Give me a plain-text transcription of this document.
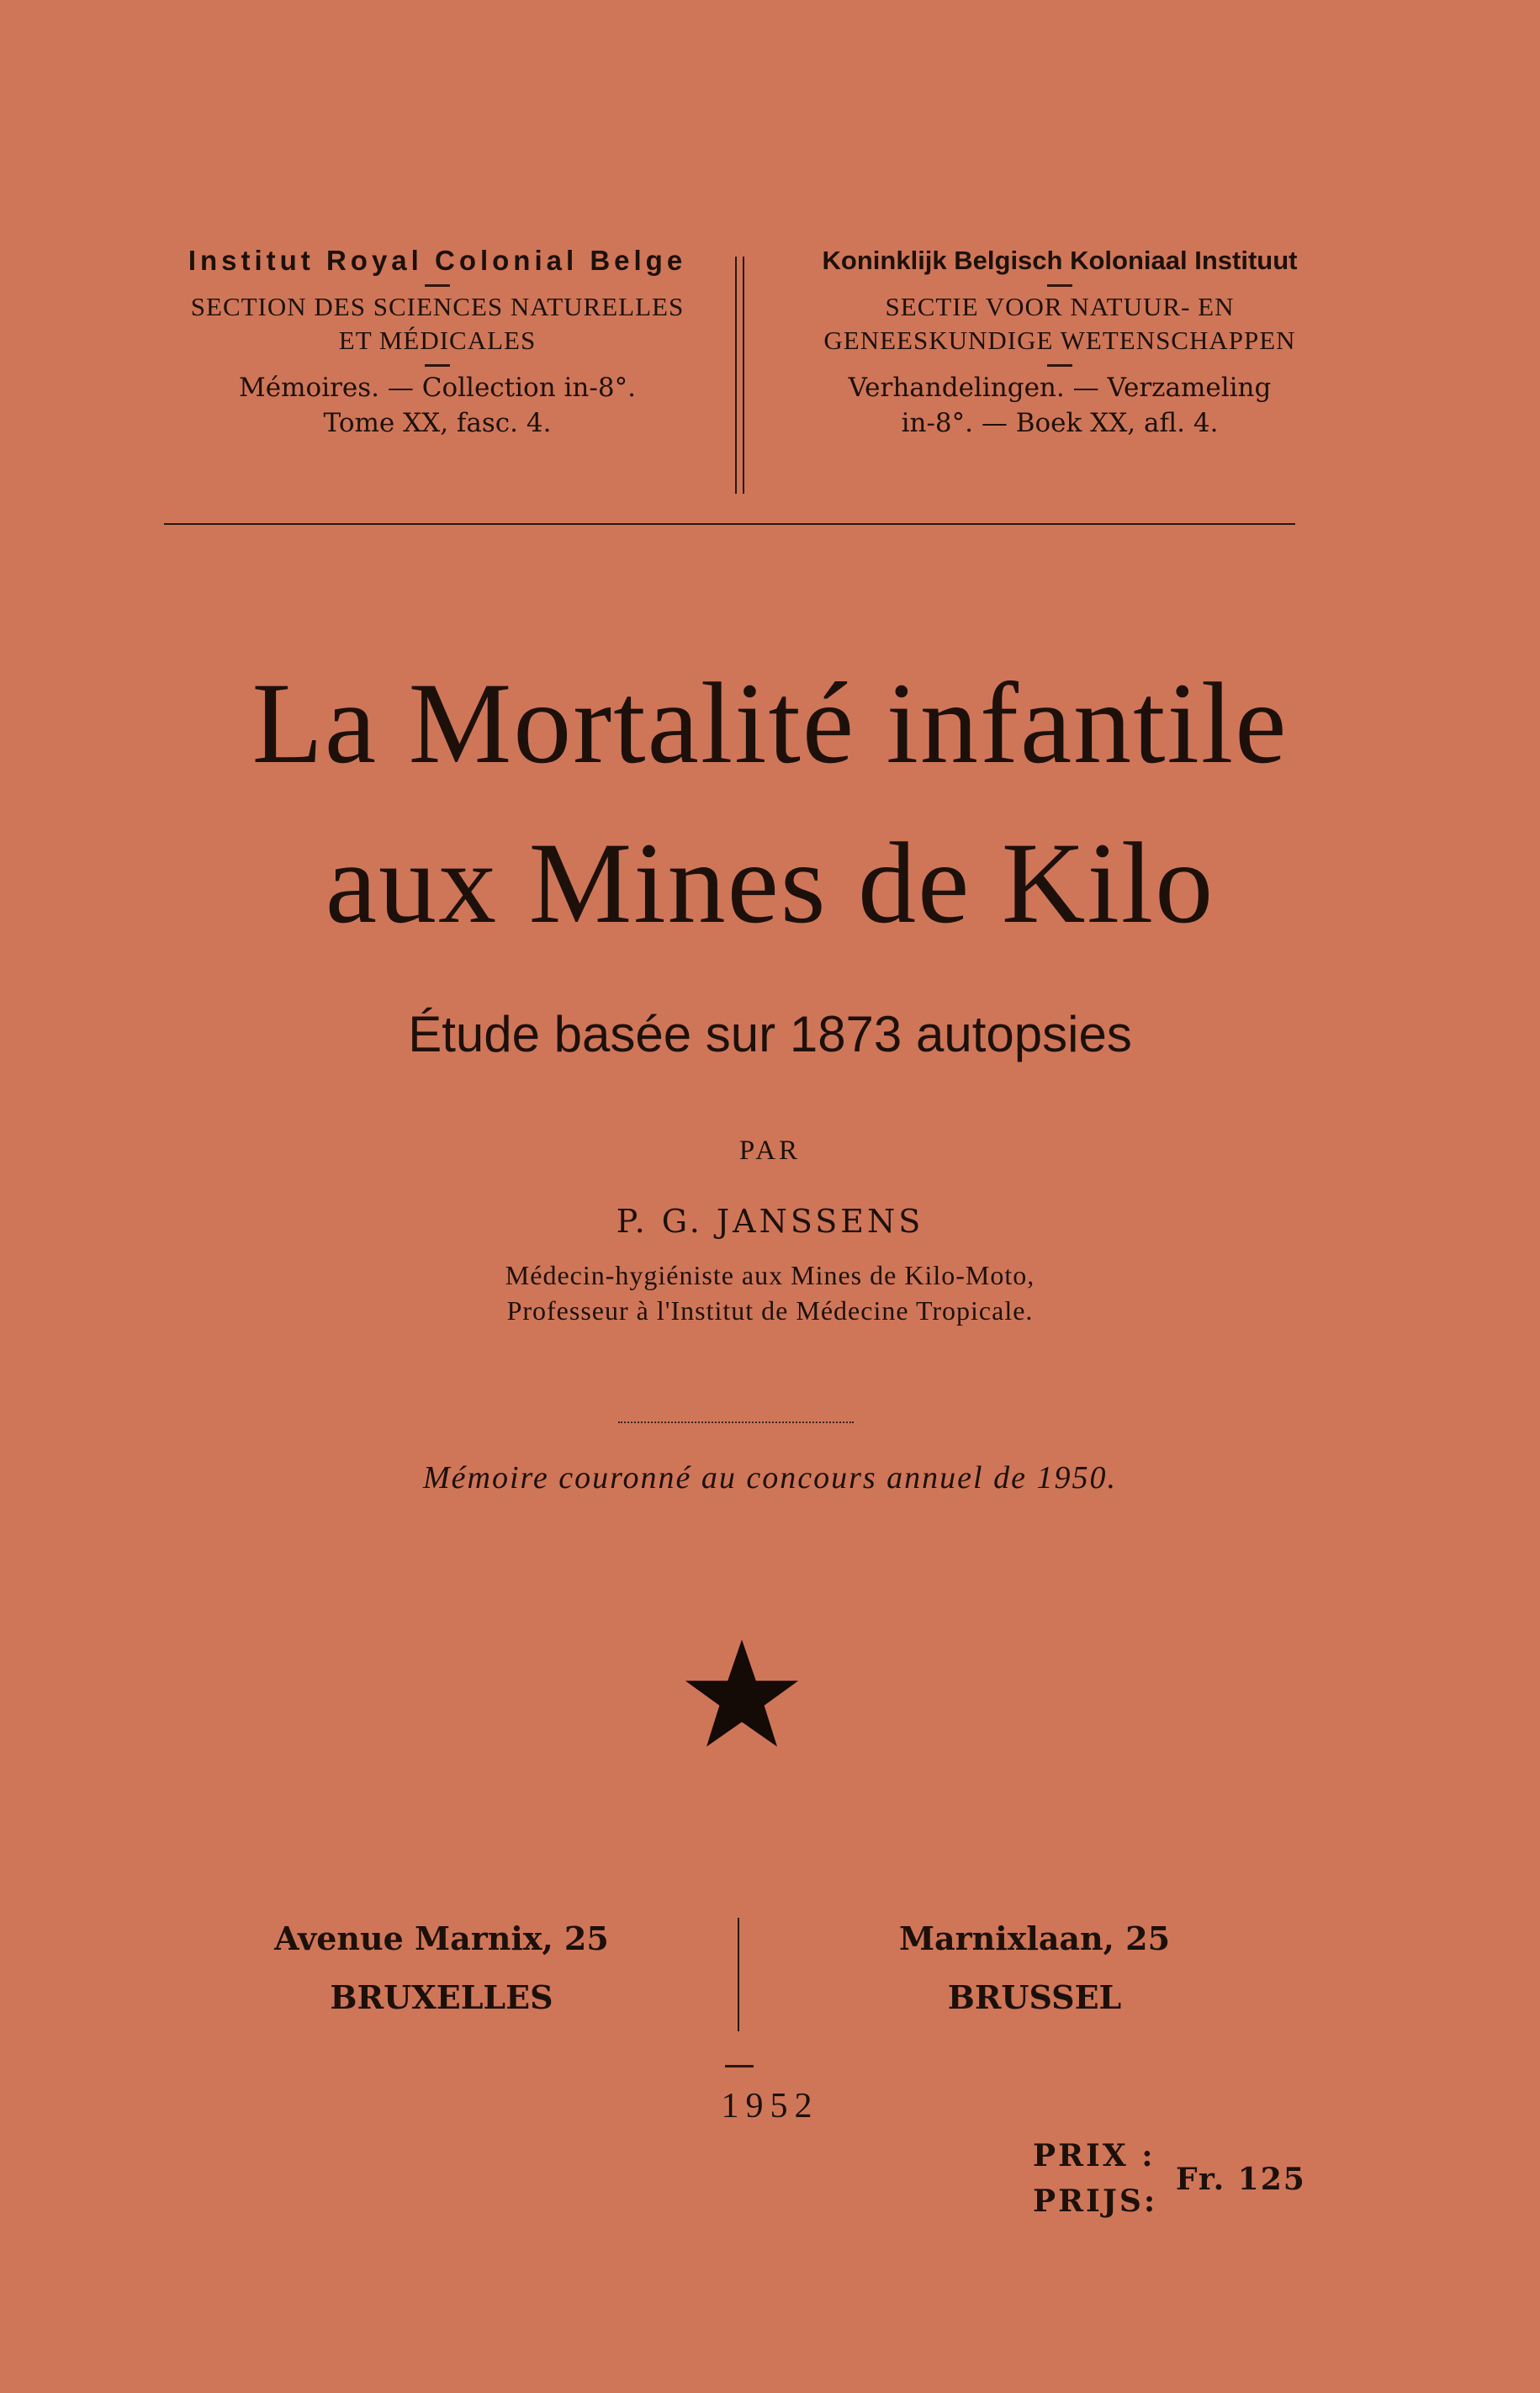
Institut Royal Colonial Belge
SECTION DES SCIENCES NATURELLES
ET MÉDICALES
Mémoires. — Collection in-8°.
Tome XX, fasc. 4.
Koninklijk Belgisch Koloniaal Instituut
SECTIE VOOR NATUUR- EN
GENEESKUNDIGE WETENSCHAPPEN
Verhandelingen. — Verzameling
in-8°. — Boek XX, afl. 4.
La Mortalité infantile
aux Mines de Kilo
Étude basée sur 1873 autopsies
PAR
P. G. JANSSENS
Médecin-hygiéniste aux Mines de Kilo-Moto,
Professeur à l'Institut de Médecine Tropicale.
Mémoire couronné au concours annuel de 1950.
Avenue Marnix, 25
BRUXELLES
Marnixlaan, 25
BRUSSEL
1952
PRIX :
PRIJS:
Fr. 125
